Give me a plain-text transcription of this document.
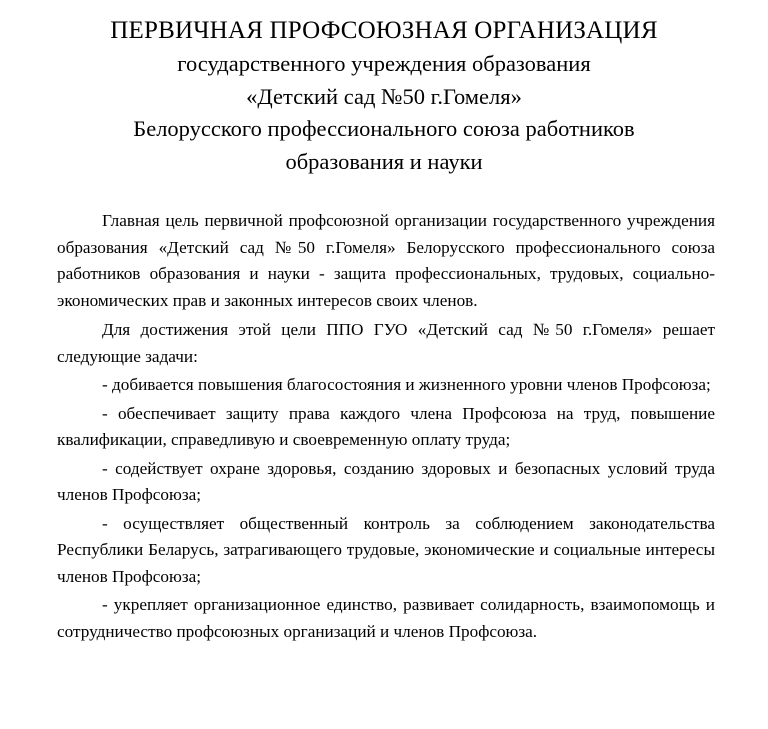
ПЕРВИЧНАЯ ПРОФСОЮЗНАЯ ОРГАНИЗАЦИЯ

государственного учреждения образования

«Детский сад №50 г.Гомеля»

Белорусского профессионального союза работников

образования и науки

Главная цель первичной профсоюзной организации государственного учреждения образования «Детский сад №50 г.Гомеля» Белорусского профессионального союза работников образования и науки - защита профессиональных, трудовых, социально-экономических прав и законных интересов своих членов.

Для достижения этой цели ППО ГУО «Детский сад №50 г.Гомеля» решает следующие задачи:

- добивается повышения благосостояния и жизненного уровни членов Профсоюза;

- обеспечивает защиту права каждого члена Профсоюза на труд, повышение квалификации, справедливую и своевременную оплату труда;

- содействует охране здоровья, созданию здоровых и безопасных условий труда членов Профсоюза;

- осуществляет общественный контроль за соблюдением законодательства Республики Беларусь, затрагивающего трудовые, экономические и социальные интересы членов Профсоюза;

- укрепляет организационное единство, развивает солидарность, взаимопомощь и сотрудничество профсоюзных организаций и членов Профсоюза.
